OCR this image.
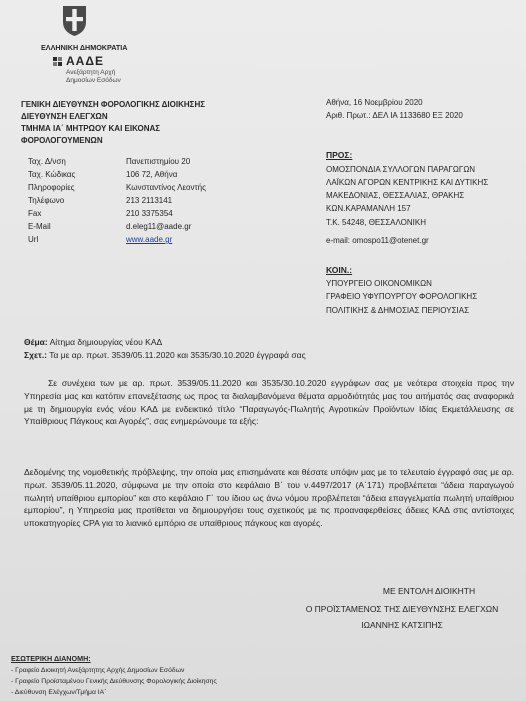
ΕΛΛΗΝΙΚΗ ΔΗΜΟΚΡΑΤΙΑ
ΑΑΔΕ
Ανεξάρτητη Αρχή
Δημοσίων Εσόδων
ΓΕΝΙΚΗ ΔΙΕΥΘΥΝΣΗ ΦΟΡΟΛΟΓΙΚΗΣ ΔΙΟΙΚΗΣΗΣ
ΔΙΕΥΘΥΝΣΗ ΕΛΕΓΧΩΝ
ΤΜΗΜΑ ΙΑ΄ ΜΗΤΡΩΟΥ ΚΑΙ ΕΙΚΟΝΑΣ
ΦΟΡΟΛΟΓΟΥΜΕΝΩΝ
Αθήνα, 16 Νοεμβρίου 2020
Αριθ. Πρωτ.: ΔΕΛ ΙΑ 1133680 ΕΞ 2020
Ταχ. Δ/νση	Πανεπιστημίου 20
Ταχ. Κώδικας	106 72, Αθήνα
Πληροφορίες	Κωνσταντίνος Λεοντής
Τηλέφωνο	213 2113141
Fax	210 3375354
E-Mail	d.eleg11@aade.gr
Url	www.aade.gr
ΠΡΟΣ:
ΟΜΟΣΠΟΝΔΙΑ ΣΥΛΛΟΓΩΝ ΠΑΡΑΓΩΓΩΝ
ΛΑΪΚΩΝ ΑΓΟΡΩΝ ΚΕΝΤΡΙΚΗΣ ΚΑΙ ΔΥΤΙΚΗΣ
ΜΑΚΕΔΟΝΙΑΣ, ΘΕΣΣΑΛΙΑΣ, ΘΡΑΚΗΣ
ΚΩΝ.ΚΑΡΑΜΑΝΛΗ 157
Τ.Κ. 54248, ΘΕΣΣΑΛΟΝΙΚΗ
e-mail: omospo11@otenet.gr
ΚΟΙΝ.:
ΥΠΟΥΡΓΕΙΟ ΟΙΚΟΝΟΜΙΚΩΝ
ΓΡΑΦΕΙΟ ΥΦΥΠΟΥΡΓΟΥ ΦΟΡΟΛΟΓΙΚΗΣ
ΠΟΛΙΤΙΚΗΣ & ΔΗΜΟΣΙΑΣ ΠΕΡΙΟΥΣΙΑΣ
Θέμα: Αίτημα δημιουργίας νέου ΚΑΔ
Σχετ.: Τα με αρ. πρωτ. 3539/05.11.2020 και 3535/30.10.2020 έγγραφά σας
Σε συνέχεια των με αρ. πρωτ. 3539/05.11.2020 και 3535/30.10.2020 εγγράφων σας με νεότερα στοιχεία προς την Υπηρεσία μας και κατόπιν επανεξέτασης ως προς τα διαλαμβανόμενα θέματα αρμοδιότητάς μας του αιτήματός σας αναφορικά με τη δημιουργία ενός νέου ΚΑΔ με ενδεικτικό τίτλο “Παραγωγός-Πωλητής Αγροτικών Προϊόντων Ιδίας Εκμετάλλευσης σε Υπαίθριους Πάγκους και Αγορές”, σας ενημερώνουμε τα εξής:
Δεδομένης της νομοθετικής πρόβλεψης, την οποία μας επισημάνατε και θέσατε υπόψιν μας με το τελευταίο έγγραφό σας με αρ. πρωτ. 3539/05.11.2020, σύμφωνα με την οποία στο κεφάλαιο Β΄ του ν.4497/2017 (Α΄171) προβλέπεται “άδεια παραγωγού πωλητή υπαίθριου εμπορίου” και στο κεφάλαιο Γ΄ του ίδιου ως άνω νόμου προβλέπεται “άδεια επαγγελματία πωλητή υπαίθριου εμπορίου”, η Υπηρεσία μας προτίθεται να δημιουργήσει τους σχετικούς με τις προαναφερθείσες άδειες ΚΑΔ στις αντίστοιχες υποκατηγορίες CPA για το λιανικό εμπόριο σε υπαίθριους πάγκους και αγορές.
ΜΕ ΕΝΤΟΛΗ ΔΙΟΙΚΗΤΗ
Ο ΠΡΟΪΣΤΑΜΕΝΟΣ ΤΗΣ ΔΙΕΥΘΥΝΣΗΣ ΕΛΕΓΧΩΝ
ΙΩΑΝΝΗΣ ΚΑΤΣΙΠΗΣ
ΕΣΩΤΕΡΙΚΗ ΔΙΑΝΟΜΗ:
- Γραφείο Διοικητή Ανεξάρτητης Αρχής Δημοσίων Εσόδων
- Γραφείο Προϊσταμένου Γενικής Διεύθυνσης Φορολογικής Διοίκησης
- Διεύθυνση Ελέγχων/Τμήμα ΙΑ΄
